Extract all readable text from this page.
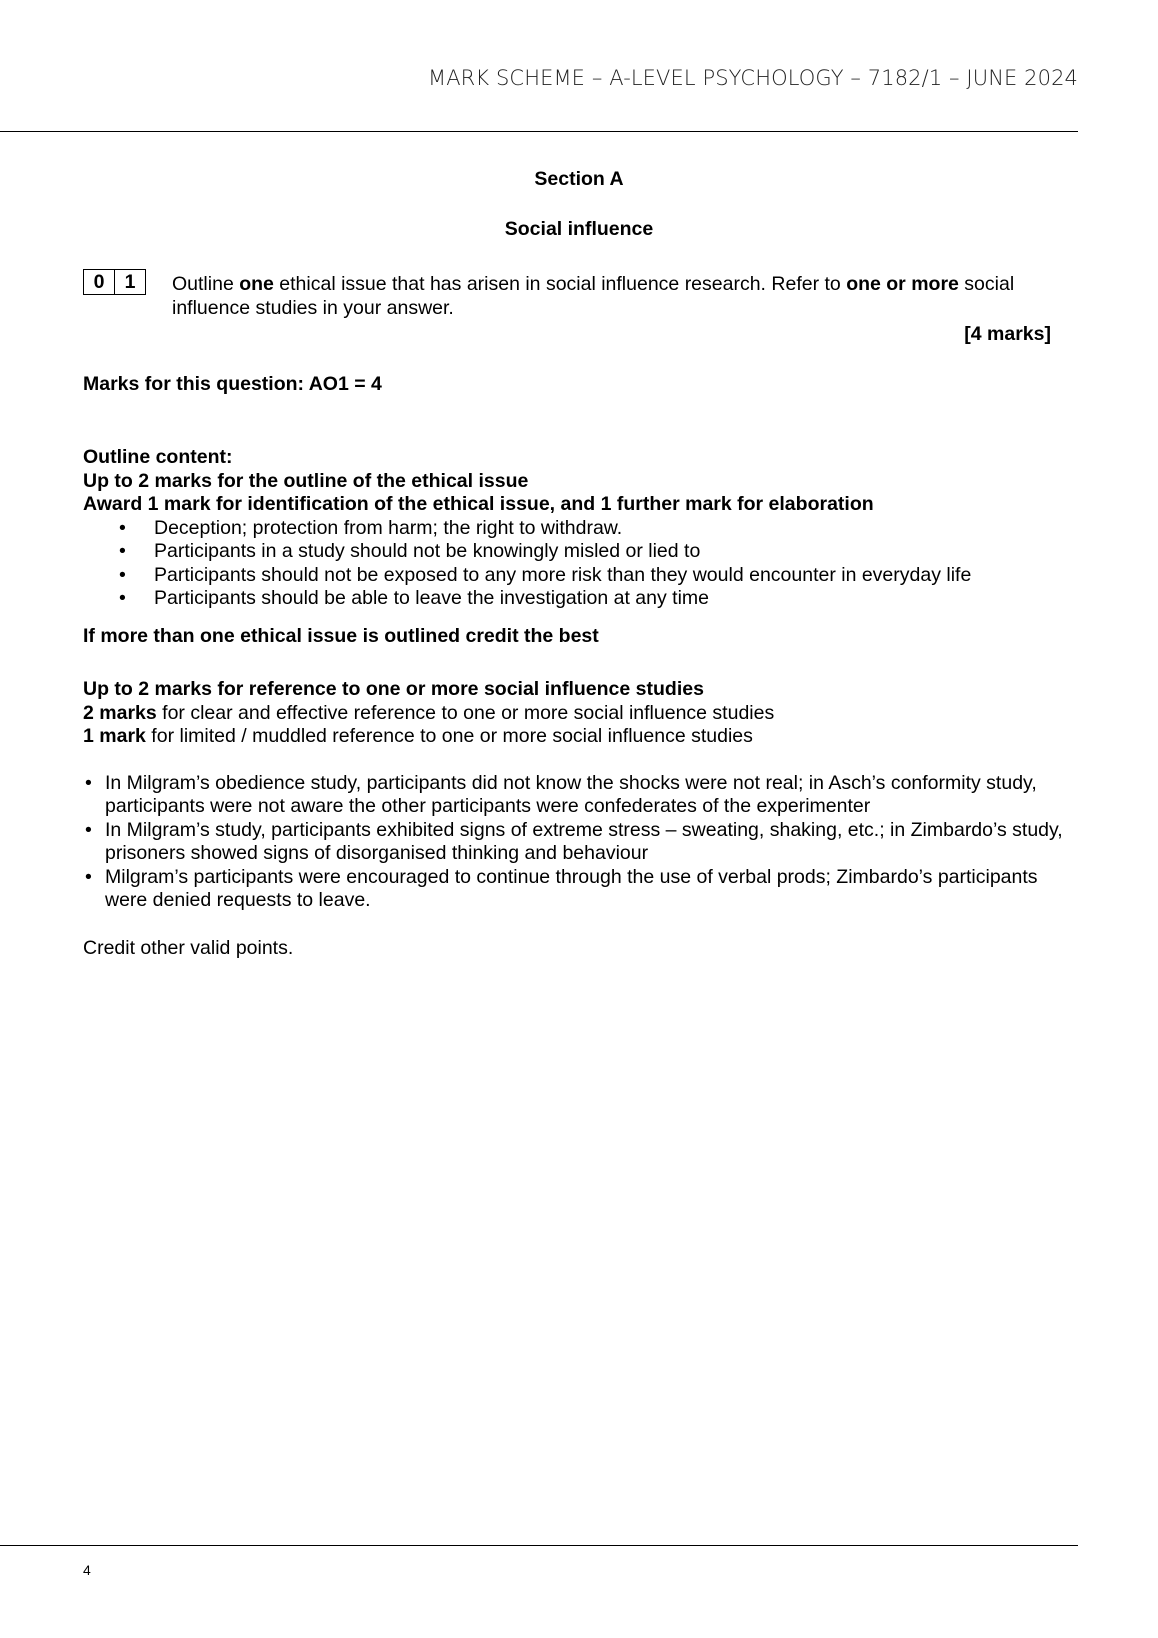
MARK SCHEME – A-LEVEL PSYCHOLOGY – 7182/1 – JUNE 2024
Section A
Social influence
0	1	Outline one ethical issue that has arisen in social influence research. Refer to one or more social influence studies in your answer.
[4 marks]
Marks for this question: AO1 = 4

Outline content:

Up to 2 marks for the outline of the ethical issue

Award 1 mark for identification of the ethical issue, and 1 further mark for elaboration

• Deception; protection from harm; the right to withdraw.
• Participants in a study should not be knowingly misled or lied to
• Participants should not be exposed to any more risk than they would encounter in everyday life
• Participants should be able to leave the investigation at any time

If more than one ethical issue is outlined credit the best

Up to 2 marks for reference to one or more social influence studies

2 marks for clear and effective reference to one or more social influence studies

1 mark for limited / muddled reference to one or more social influence studies

• In Milgram’s obedience study, participants did not know the shocks were not real; in Asch’s conformity study, participants were not aware the other participants were confederates of the experimenter
• In Milgram’s study, participants exhibited signs of extreme stress – sweating, shaking, etc.; in Zimbardo’s study, prisoners showed signs of disorganised thinking and behaviour
• Milgram’s participants were encouraged to continue through the use of verbal prods; Zimbardo’s participants were denied requests to leave.

Credit other valid points.

4
